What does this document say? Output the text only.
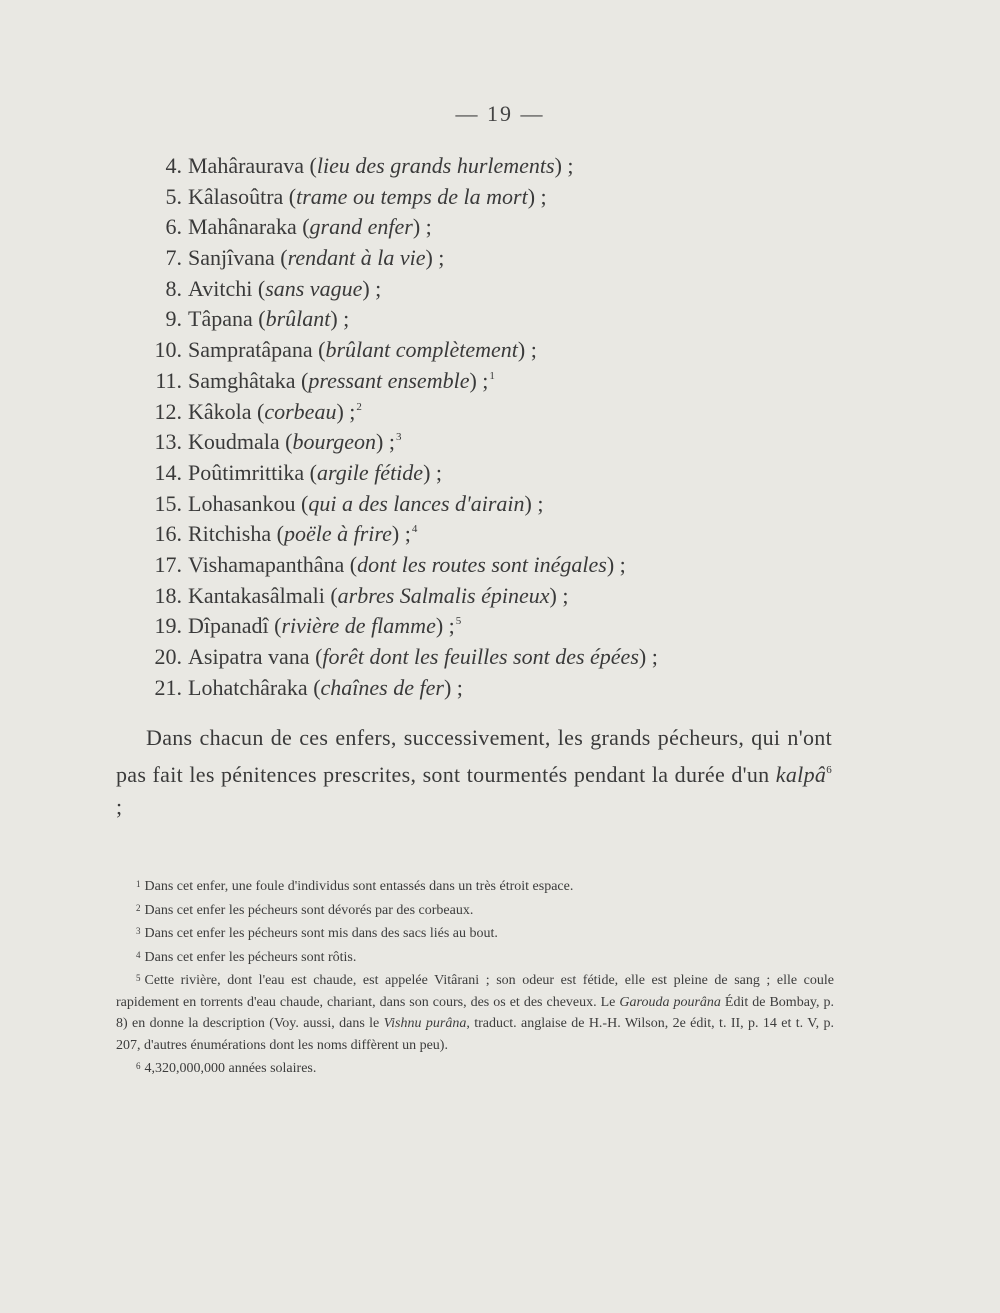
— 19 —
4. Mahâraurava (lieu des grands hurlements) ;
5. Kâlasoûtra (trame ou temps de la mort) ;
6. Mahânaraka (grand enfer) ;
7. Sanjîvana (rendant à la vie) ;
8. Avitchi (sans vague) ;
9. Tâpana (brûlant) ;
10. Sampratâpana (brûlant complètement) ;
11. Samghâtaka (pressant ensemble) ;$^1$
12. Kâkola (corbeau) ;$^2$
13. Koudmala (bourgeon) ;$^3$
14. Poûtimrittika (argile fétide) ;
15. Lohasankou (qui a des lances d'airain) ;
16. Ritchisha (poële à frire) ;$^4$
17. Vishamapanthâna (dont les routes sont inégales) ;
18. Kantakasâlmali (arbres Salmalis épineux) ;
19. Dîpanadî (rivière de flamme) ;$^5$
20. Asipatra vana (forêt dont les feuilles sont des épées) ;
21. Lohatchâraka (chaînes de fer) ;
Dans chacun de ces enfers, successivement, les grands pécheurs, qui n'ont pas fait les pénitences prescrites, sont tourmentés pendant la durée d'un kalpâ$^6$ ;
$^1$ Dans cet enfer, une foule d'individus sont entassés dans un très étroit espace.
$^2$ Dans cet enfer les pécheurs sont dévorés par des corbeaux.
$^3$ Dans cet enfer les pécheurs sont mis dans des sacs liés au bout.
$^4$ Dans cet enfer les pécheurs sont rôtis.
$^5$ Cette rivière, dont l'eau est chaude, est appelée Vitârani ; son odeur est fétide, elle est pleine de sang ; elle coule rapidement en torrents d'eau chaude, chariant, dans son cours, des os et des cheveux. Le Garouda pourâna Édit de Bombay, p. 8) en donne la description (Voy. aussi, dans le Vishnu purâna, traduct. anglaise de H.-H. Wilson, 2e édit, t. II, p. 14 et t. V, p. 207, d'autres énumérations dont les noms diffèrent un peu).
$^6$ 4,320,000,000 années solaires.
